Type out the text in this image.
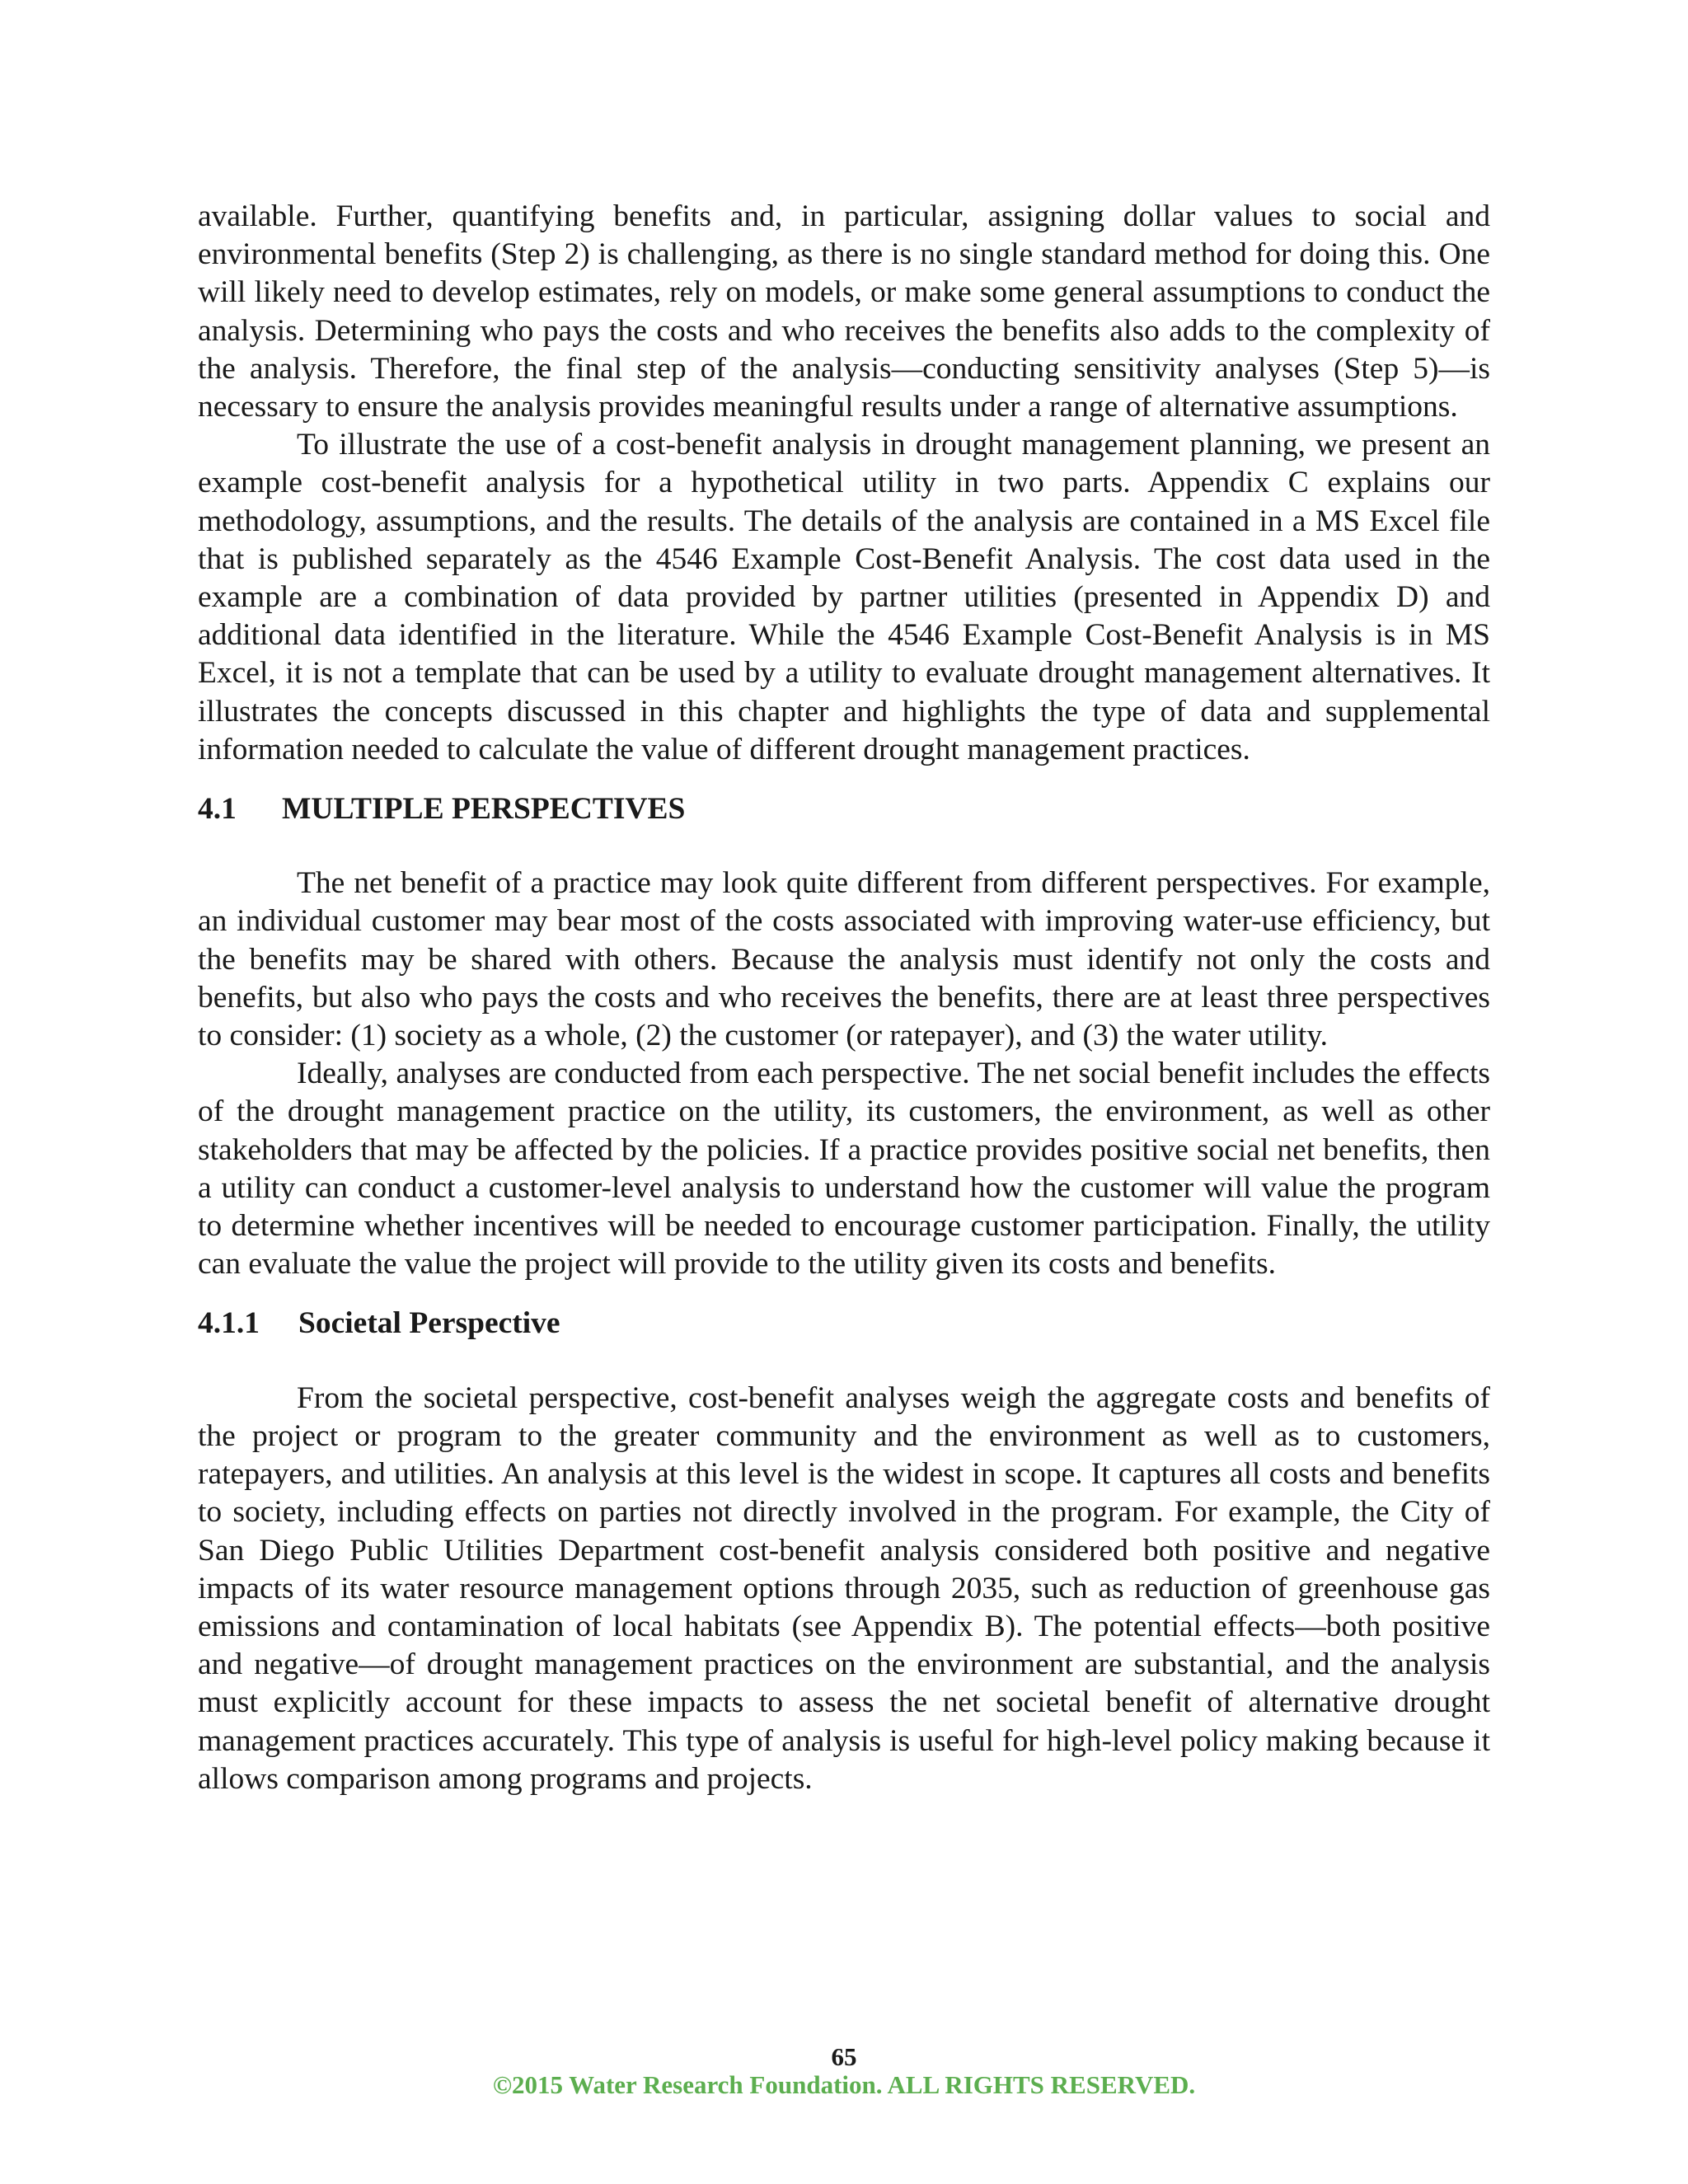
available. Further, quantifying benefits and, in particular, assigning dollar values to social and environmental benefits (Step 2) is challenging, as there is no single standard method for doing this. One will likely need to develop estimates, rely on models, or make some general assumptions to conduct the analysis. Determining who pays the costs and who receives the benefits also adds to the complexity of the analysis. Therefore, the final step of the analysis—conducting sensitivity analyses (Step 5)—is necessary to ensure the analysis provides meaningful results under a range of alternative assumptions.

To illustrate the use of a cost-benefit analysis in drought management planning, we present an example cost-benefit analysis for a hypothetical utility in two parts. Appendix C explains our methodology, assumptions, and the results. The details of the analysis are contained in a MS Excel file that is published separately as the 4546 Example Cost-Benefit Analysis. The cost data used in the example are a combination of data provided by partner utilities (presented in Appendix D) and additional data identified in the literature. While the 4546 Example Cost-Benefit Analysis is in MS Excel, it is not a template that can be used by a utility to evaluate drought management alternatives. It illustrates the concepts discussed in this chapter and highlights the type of data and supplemental information needed to calculate the value of different drought management practices.

4.1 MULTIPLE PERSPECTIVES

The net benefit of a practice may look quite different from different perspectives. For example, an individual customer may bear most of the costs associated with improving water-use efficiency, but the benefits may be shared with others. Because the analysis must identify not only the costs and benefits, but also who pays the costs and who receives the benefits, there are at least three perspectives to consider: (1) society as a whole, (2) the customer (or ratepayer), and (3) the water utility.

Ideally, analyses are conducted from each perspective. The net social benefit includes the effects of the drought management practice on the utility, its customers, the environment, as well as other stakeholders that may be affected by the policies. If a practice provides positive social net benefits, then a utility can conduct a customer-level analysis to understand how the customer will value the program to determine whether incentives will be needed to encourage customer participation. Finally, the utility can evaluate the value the project will provide to the utility given its costs and benefits.

4.1.1 Societal Perspective

From the societal perspective, cost-benefit analyses weigh the aggregate costs and benefits of the project or program to the greater community and the environment as well as to customers, ratepayers, and utilities. An analysis at this level is the widest in scope. It captures all costs and benefits to society, including effects on parties not directly involved in the program. For example, the City of San Diego Public Utilities Department cost-benefit analysis considered both positive and negative impacts of its water resource management options through 2035, such as reduction of greenhouse gas emissions and contamination of local habitats (see Appendix B). The potential effects—both positive and negative—of drought management practices on the environment are substantial, and the analysis must explicitly account for these impacts to assess the net societal benefit of alternative drought management practices accurately. This type of analysis is useful for high-level policy making because it allows comparison among programs and projects.

65
©2015 Water Research Foundation. ALL RIGHTS RESERVED.
